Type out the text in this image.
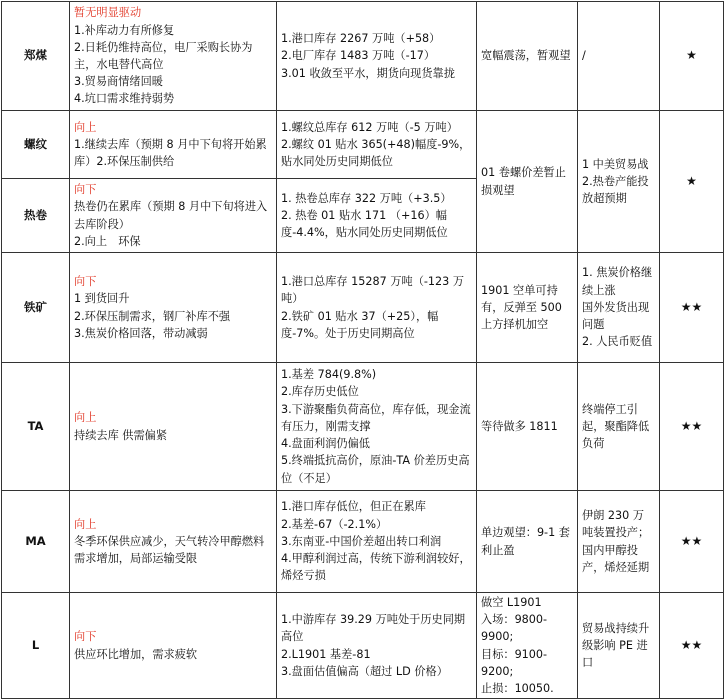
郑煤	暂无明显驱动
1.补库动力有所修复
2.日耗仍维持高位，电厂采购长协为主，水电替代高位
3.贸易商情绪回暖
4.坑口需求维持弱势	1.港口库存 2267 万吨（+58）
2.电厂库存 1483 万吨（-17）
3.01 收敛至平水，期货向现货靠拢	宽幅震荡，暂观望	/	★
螺纹	向上
1.继续去库（预期 8 月中下旬将开始累库）2.环保压制供给	1.螺纹总库存 612 万吨（-5 万吨）
2.螺纹 01 贴水 365(+48)幅度-9%，贴水同处历史同期低位	01 卷螺价差暂止损观望	1 中美贸易战
2.热卷产能投放超预期	★
热卷	向下
热卷仍在累库（预期 8 月中下旬将进入去库阶段）
2.向上　环保	1. 热卷总库存 322 万吨（+3.5）
2. 热卷 01 贴水 171 （+16）幅度-4.4%，贴水同处历史同期低位			

铁矿	向下
1 到货回升
2.环保压制需求，钢厂补库不强
3.焦炭价格回落，带动减弱	1.港口总库存 15287 万吨（-123 万吨）
2.铁矿 01 贴水 37（+25），幅度-7%。处于历史同期高位	1901 空单可持有，反弹至 500 上方择机加空	1. 焦炭价格继续上涨
国外发货出现问题
2. 人民币贬值	★★
TA	向上
持续去库 供需偏紧	1.基差 784(9.8%)
2.库存历史低位
3.下游聚酯负荷高位，库存低，现金流有压力，刚需支撑
4.盘面利润仍偏低
5.终端抵抗高价，原油-TA 价差历史高位（不足）	等待做多 1811	终端停工引起，聚酯降低负荷	★★
MA	向上
冬季环保供应减少，天气转冷甲醇燃料需求增加，局部运输受限	1.港口库存低位，但正在累库
2.基差-67（-2.1%）
3.东南亚-中国价差超出转口利润
4.甲醇利润过高，传统下游利润较好，烯烃亏损	单边观望：9-1 套利止盈	伊朗 230 万吨装置投产；国内甲醇投产，烯烃延期	★★
L	向下
供应环比增加，需求疲软	1.中游库存 39.29 万吨处于历史同期高位
2.L1901 基差-81
3.盘面估值偏高（超过 LD 价格）	做空 L1901
入场：9800-9900;
目标：9100-9200;
止损：10050.	贸易战持续升级影响 PE 进口	★★
